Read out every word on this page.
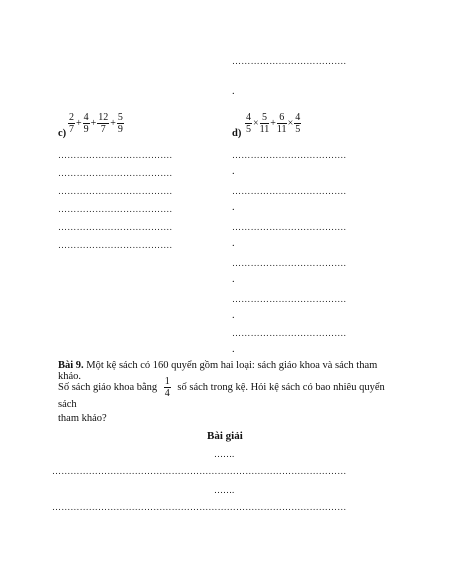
……………………………….
.
$c) \frac{2}{7} + \frac{4}{9} + \frac{12}{7} + \frac{5}{9}$	$d) \frac{4}{5} \times \frac{5}{11} + \frac{6}{11} \times \frac{4}{5}$
……………………………….
……………………………….
……………………………….
……………………………….
……………………………….
……………………………….
……………………………….
.
……………………………….
.
……………………………….
.
……………………………….
.
……………………………….
.
……………………………….
.
Bài 9. Một kệ sách có 160 quyển gồm hai loại: sách giáo khoa và sách tham khảo.
Số sách giáo khoa bằng $\frac{1}{4}$ số sách trong kệ. Hỏi kệ sách có bao nhiêu quyển sách
tham khảo?
Bài giải
…….
……………………………………………………………………………………
…….
……………………………………………………………………………………
